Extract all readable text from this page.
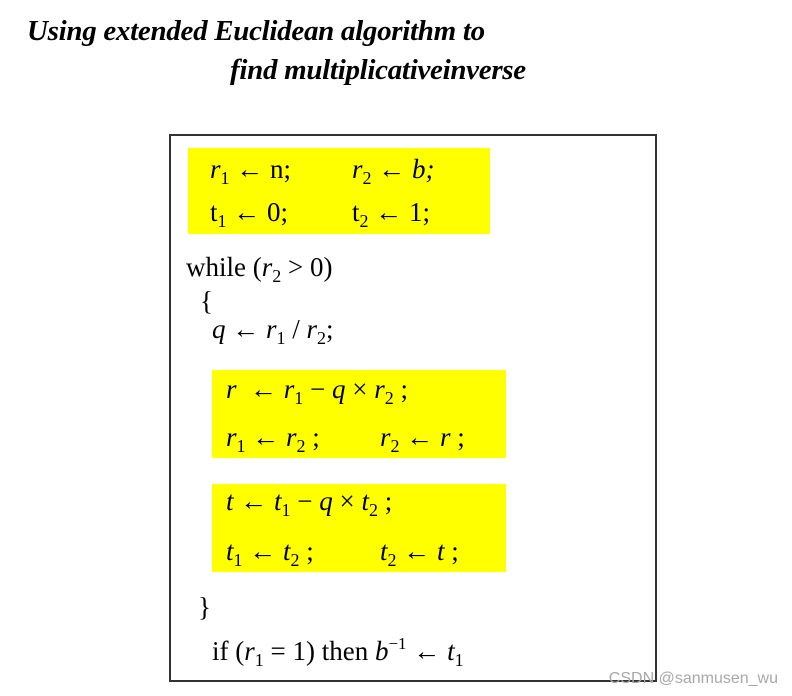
Using extended Euclidean algorithm to
find multiplicativeinverse
$r_1$ ← n; $r_2$ ← b;
$t_1$ ← 0; $t_2$ ← 1;
while $(r_2 > 0)$
{
q ← $r_1 / r_2$;
r ← $r_1 - q \times r_2$ ;
$r_1$ ← $r_2$ ; $r_2$ ← r ;
t ← $t_1 - q \times t_2$ ;
$t_1$ ← $t_2$ ; $t_2$ ← t ;
}
if $(r_1 = 1)$ then $b^{-1}$ ← $t_1$
CSDN @sanmusen_wu
